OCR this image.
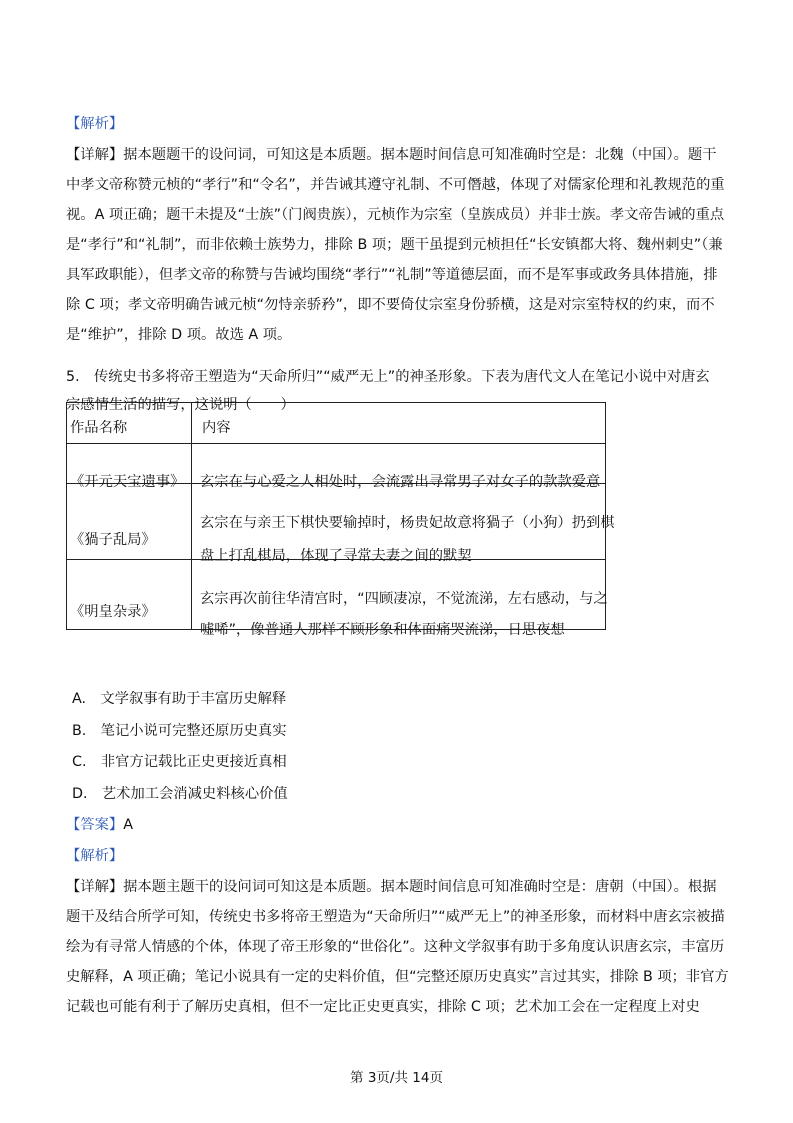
【解析】

【详解】据本题题干的设问词，可知这是本质题。据本题时间信息可知准确时空是：北魏（中国）。题干中孝文帝称赞元桢的“孝行”和“令名”，并告诫其遵守礼制、不可僭越，体现了对儒家伦理和礼教规范的重视。A 项正确；题干未提及“士族”（门阀贵族），元桢作为宗室（皇族成员）并非士族。孝文帝告诫的重点是“孝行”和“礼制”，而非依赖士族势力，排除 B 项；题干虽提到元桢担任“长安镇都大将、魏州刺史”（兼具军政职能），但孝文帝的称赞与告诫均围绕“孝行”“礼制”等道德层面，而不是军事或政务具体措施，排除 C 项；孝文帝明确告诫元桢“勿恃亲骄矜”，即不要倚仗宗室身份骄横，这是对宗室特权的约束，而不是“维护”，排除 D 项。故选 A 项。

5.　传统史书多将帝王塑造为“天命所归”“威严无上”的神圣形象。下表为唐代文人在笔记小说中对唐玄
宗感情生活的描写，这说明（　　）
作品名称	内容
《开元天宝遗事》 玄宗在与心爱之人相处时，会流露出寻常男子对女子的款款爱意
《猧子乱局》
玄宗在与亲王下棋快要输掉时，杨贵妃故意将猧子（小狗）扔到棋
盘上打乱棋局，体现了寻常夫妻之间的默契
《明皇杂录》
玄宗再次前往华清宫时，“四顾凄凉，不觉流涕，左右感动，与之
嘘唏”，像普通人那样不顾形象和体面痛哭流涕，日思夜想
A.　文学叙事有助于丰富历史解释
B.　笔记小说可完整还原历史真实
C.　非官方记载比正史更接近真相
D.　艺术加工会消减史料核心价值
【答案】A
【解析】

【详解】据本题主题干的设问词可知这是本质题。据本题时间信息可知准确时空是：唐朝（中国）。根据题干及结合所学可知，传统史书多将帝王塑造为“天命所归”“威严无上”的神圣形象，而材料中唐玄宗被描绘为有寻常人情感的个体，体现了帝王形象的“世俗化”。这种文学叙事有助于多角度认识唐玄宗，丰富历史解释，A 项正确；笔记小说具有一定的史料价值，但“完整还原历史真实”言过其实，排除 B 项；非官方记载也可能有利于了解历史真相，但不一定比正史更真实，排除 C 项；艺术加工会在一定程度上对史

第 3页/共 14页
